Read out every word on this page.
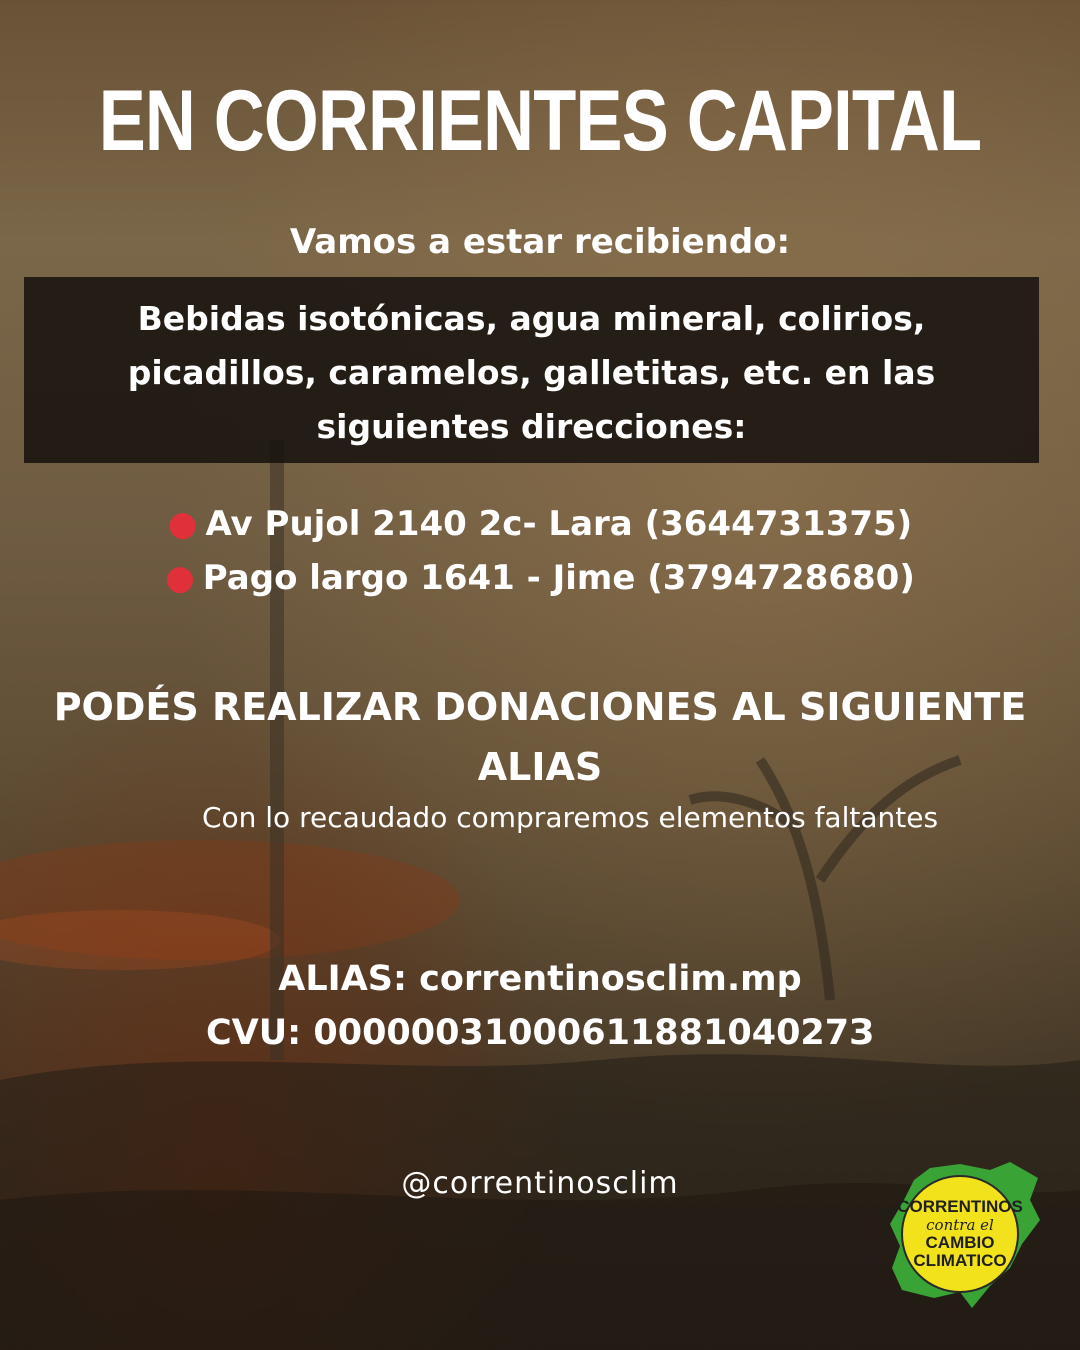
EN CORRIENTES CAPITAL
Vamos a estar recibiendo:
Bebidas isotónicas, agua mineral, colirios,
picadillos, caramelos, galletitas, etc. en las
siguientes direcciones:
● Av Pujol 2140 2c- Lara (3644731375)
● Pago largo 1641 - Jime (3794728680)
PODÉS REALIZAR DONACIONES AL SIGUIENTE
ALIAS
Con lo recaudado compraremos elementos faltantes
ALIAS: correntinosclim.mp
CVU: 0000003100061188104027З
@correntinosclim
CORRENTINOS
contra el
CAMBIO
CLIMATICO
